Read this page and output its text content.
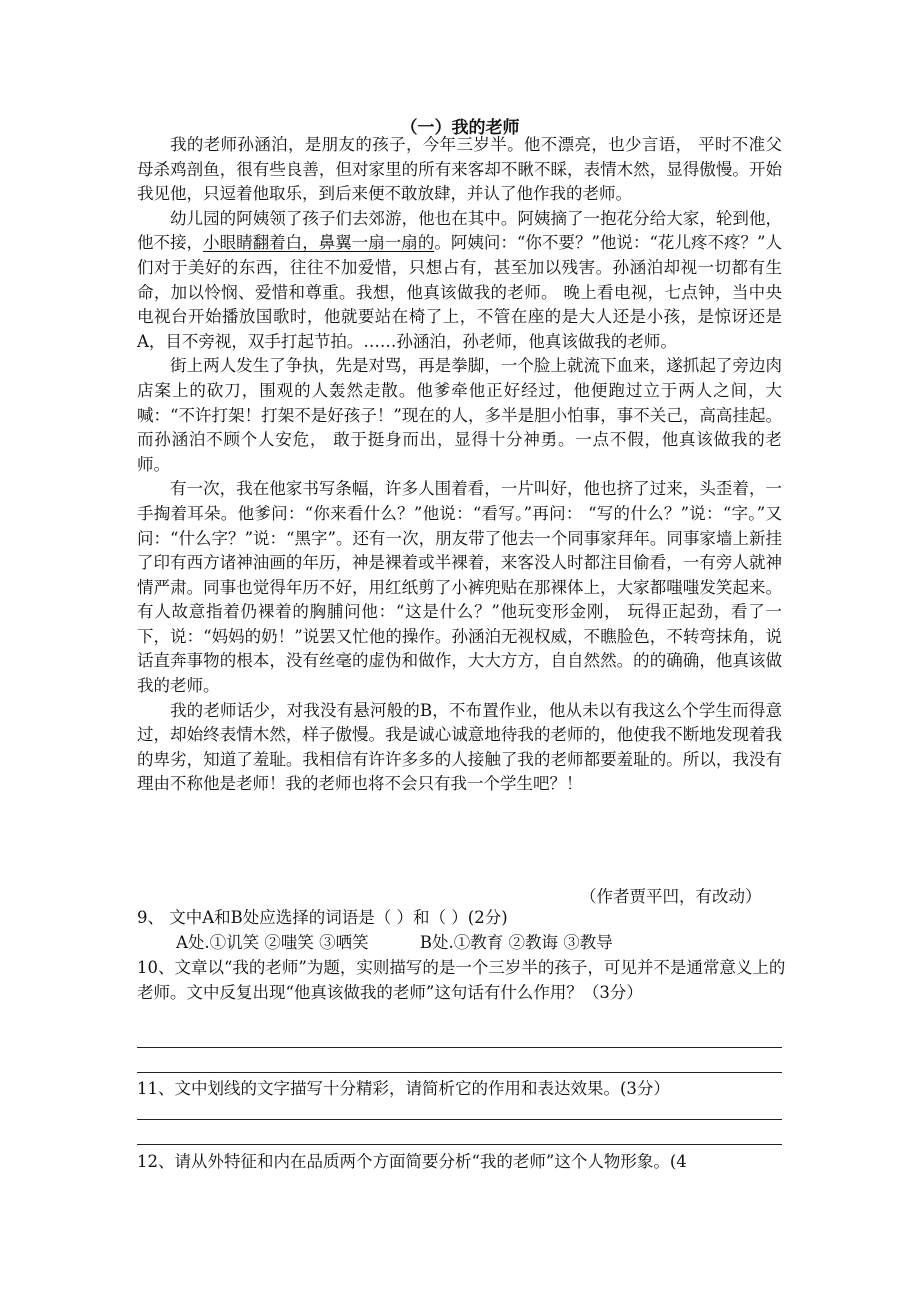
（一）我的老师

我的老师孙涵泊，是朋友的孩子，今年三岁半。他不漂亮，也少言语， 平时不准父母杀鸡剖鱼，很有些良善，但对家里的所有来客却不瞅不睬，表情木然，显得傲慢。开始我见他，只逗着他取乐，到后来便不敢放肆，并认了他作我的老师。

幼儿园的阿姨领了孩子们去郊游，他也在其中。阿姨摘了一抱花分给大家，轮到他，他不接，小眼睛翻着白，鼻翼一扇一扇的。阿姨问：“你不要？”他说：“花儿疼不疼？”人们对于美好的东西，往往不加爱惜，只想占有，甚至加以残害。孙涵泊却视一切都有生命，加以怜悯、爱惜和尊重。我想，他真该做我的老师。 晚上看电视，七点钟，当中央电视台开始播放国歌时，他就要站在椅了上，不管在座的是大人还是小孩，是惊讶还是A，目不旁视，双手打起节拍。……孙涵泊，孙老师，他真该做我的老师。

街上两人发生了争执，先是对骂，再是拳脚，一个脸上就流下血来，遂抓起了旁边肉店案上的砍刀，围观的人轰然走散。他爹牵他正好经过，他便跑过立于两人之间，大喊：“不许打架！打架不是好孩子！”现在的人，多半是胆小怕事，事不关己，高高挂起。而孙涵泊不顾个人安危， 敢于挺身而出，显得十分神勇。一点不假，他真该做我的老师。

有一次，我在他家书写条幅，许多人围着看，一片叫好，他也挤了过来，头歪着，一手掏着耳朵。他爹问：“你来看什么？”他说：“看写。”再问： “写的什么？”说：“字。”又问：“什么字？”说：“黑字”。还有一次，朋友带了他去一个同事家拜年。同事家墙上新挂了印有西方诸神油画的年历，神是裸着或半裸着，来客没人时都注目偷看，一有旁人就神情严肃。同事也觉得年历不好，用红纸剪了小裤兜贴在那裸体上，大家都嗤嗤发笑起来。有人故意指着仍裸着的胸脯问他：“这是什么？”他玩变形金刚， 玩得正起劲，看了一下，说：“妈妈的奶！”说罢又忙他的操作。孙涵泊无视权威，不瞧脸色，不转弯抹角，说话直奔事物的根本，没有丝毫的虚伪和做作，大大方方，自自然然。的的确确，他真该做我的老师。

我的老师话少，对我没有悬河般的B，不布置作业，他从未以有我这么个学生而得意过，却始终表情木然，样子傲慢。我是诚心诚意地待我的老师的，他使我不断地发现着我的卑劣，知道了羞耻。我相信有许许多多的人接触了我的老师都要羞耻的。所以，我没有理由不称他是老师！我的老师也将不会只有我一个学生吧？！

（作者贾平凹，有改动）
9、 文中A和B处应选择的词语是（ ）和（ ）(2分)
A处.①讥笑 ②嗤笑 ③哂笑	B处.①教育 ②教诲 ③教导
10、文章以“我的老师”为题，实则描写的是一个三岁半的孩子，可见并不是通常意义上的老师。文中反复出现“他真该做我的老师”这句话有什么作用？（3分）
11、文中划线的文字描写十分精彩，请简析它的作用和表达效果。(3分）
12、请从外特征和内在品质两个方面简要分析“我的老师”这个人物形象。(4
